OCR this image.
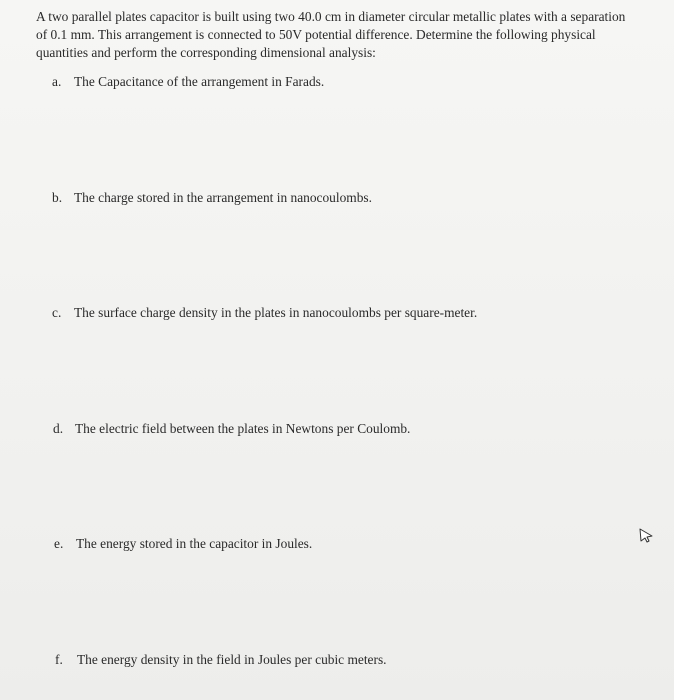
A two parallel plates capacitor is built using two 40.0 cm in diameter circular metallic plates with a separation
of 0.1 mm. This arrangement is connected to 50V potential difference. Determine the following physical
quantities and perform the corresponding dimensional analysis:

a. The Capacitance of the arrangement in Farads.

b. The charge stored in the arrangement in nanocoulombs.

c. The surface charge density in the plates in nanocoulombs per square-meter.

d. The electric field between the plates in Newtons per Coulomb.

e. The energy stored in the capacitor in Joules.

f. The energy density in the field in Joules per cubic meters.
